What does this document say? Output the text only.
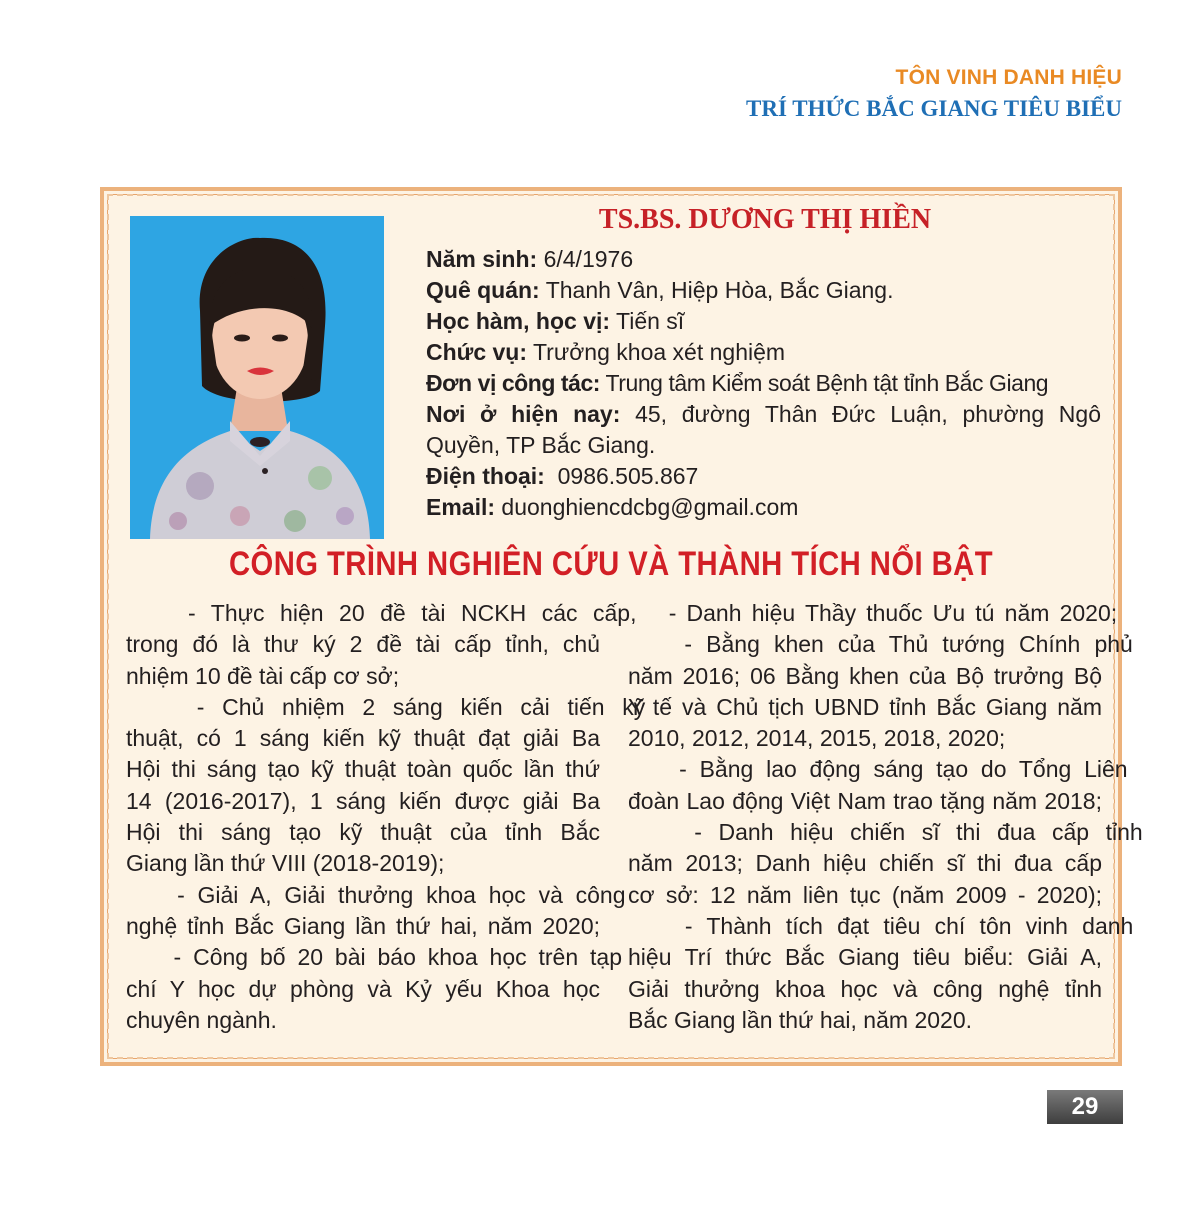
TÔN VINH DANH HIỆU
TRÍ THỨC BẮC GIANG TIÊU BIỂU
TS.BS. DƯƠNG THỊ HIỀN
Năm sinh: 6/4/1976
Quê quán: Thanh Vân, Hiệp Hòa, Bắc Giang.
Học hàm, học vị: Tiến sĩ
Chức vụ: Trưởng khoa xét nghiệm
Đơn vị công tác: Trung tâm Kiểm soát Bệnh tật tỉnh Bắc Giang
Nơi ở hiện nay: 45, đường Thân Đức Luận, phường Ngô
Quyền, TP Bắc Giang.
Điện thoại:  0986.505.867
Email: duonghiencdcbg@gmail.com
CÔNG TRÌNH NGHIÊN CỨU VÀ THÀNH TÍCH NỔI BẬT
- Thực hiện 20 đề tài NCKH các cấp,
trong đó là thư ký 2 đề tài cấp tỉnh, chủ
nhiệm 10 đề tài cấp cơ sở;
- Chủ nhiệm 2 sáng kiến cải tiến kỹ
thuật, có 1 sáng kiến kỹ thuật đạt giải Ba
Hội thi sáng tạo kỹ thuật toàn quốc lần thứ
14 (2016-2017), 1 sáng kiến được giải Ba
Hội thi sáng tạo kỹ thuật của tỉnh Bắc
Giang lần thứ VIII (2018-2019);
- Giải A, Giải thưởng khoa học và công
nghệ tỉnh Bắc Giang lần thứ hai, năm 2020;
- Công bố 20 bài báo khoa học trên tạp
chí Y học dự phòng và Kỷ yếu Khoa học
chuyên ngành.
- Danh hiệu Thầy thuốc Ưu tú năm 2020;
- Bằng khen của Thủ tướng Chính phủ
năm 2016; 06 Bằng khen của Bộ trưởng Bộ
Y tế và Chủ tịch UBND tỉnh Bắc Giang năm
2010, 2012, 2014, 2015, 2018, 2020;
- Bằng lao động sáng tạo do Tổng Liên
đoàn Lao động Việt Nam trao tặng năm 2018;
- Danh hiệu chiến sĩ thi đua cấp tỉnh
năm 2013; Danh hiệu chiến sĩ thi đua cấp
cơ sở: 12 năm liên tục (năm 2009 - 2020);
- Thành tích đạt tiêu chí tôn vinh danh
hiệu Trí thức Bắc Giang tiêu biểu: Giải A,
Giải thưởng khoa học và công nghệ tỉnh
Bắc Giang lần thứ hai, năm 2020.
29
